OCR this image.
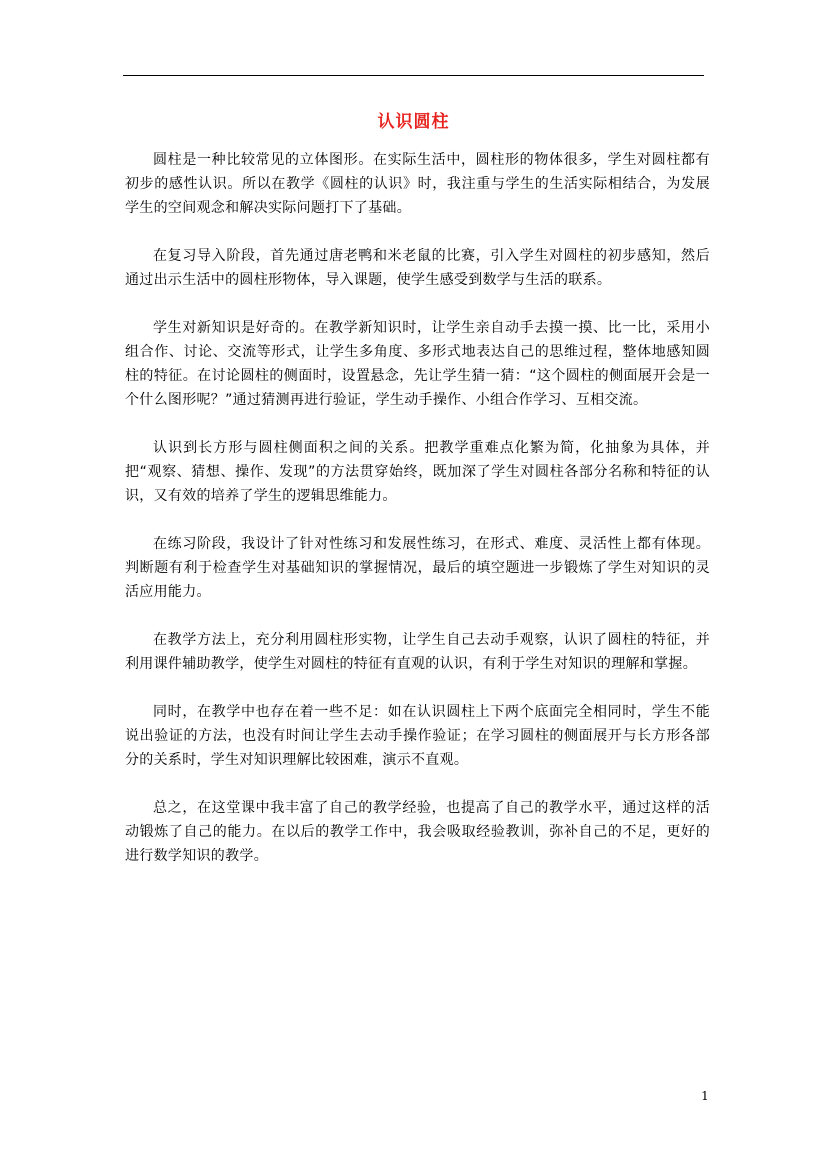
认识圆柱

圆柱是一种比较常见的立体图形。在实际生活中，圆柱形的物体很多，学生对圆柱都有初步的感性认识。所以在教学《圆柱的认识》时，我注重与学生的生活实际相结合，为发展学生的空间观念和解决实际问题打下了基础。

在复习导入阶段，首先通过唐老鸭和米老鼠的比赛，引入学生对圆柱的初步感知，然后通过出示生活中的圆柱形物体，导入课题，使学生感受到数学与生活的联系。

学生对新知识是好奇的。在教学新知识时，让学生亲自动手去摸一摸、比一比，采用小组合作、讨论、交流等形式，让学生多角度、多形式地表达自己的思维过程，整体地感知圆柱的特征。在讨论圆柱的侧面时，设置悬念，先让学生猜一猜：“这个圆柱的侧面展开会是一个什么图形呢？”通过猜测再进行验证，学生动手操作、小组合作学习、互相交流。

认识到长方形与圆柱侧面积之间的关系。把教学重难点化繁为简，化抽象为具体，并把“观察、猜想、操作、发现”的方法贯穿始终，既加深了学生对圆柱各部分名称和特征的认识，又有效的培养了学生的逻辑思维能力。

在练习阶段，我设计了针对性练习和发展性练习，在形式、难度、灵活性上都有体现。判断题有利于检查学生对基础知识的掌握情况，最后的填空题进一步锻炼了学生对知识的灵活应用能力。

在教学方法上，充分利用圆柱形实物，让学生自己去动手观察，认识了圆柱的特征，并利用课件辅助教学，使学生对圆柱的特征有直观的认识，有利于学生对知识的理解和掌握。

同时，在教学中也存在着一些不足：如在认识圆柱上下两个底面完全相同时，学生不能说出验证的方法，也没有时间让学生去动手操作验证；在学习圆柱的侧面展开与长方形各部分的关系时，学生对知识理解比较困难，演示不直观。

总之，在这堂课中我丰富了自己的教学经验，也提高了自己的教学水平，通过这样的活动锻炼了自己的能力。在以后的教学工作中，我会吸取经验教训，弥补自己的不足，更好的进行数学知识的教学。

1
